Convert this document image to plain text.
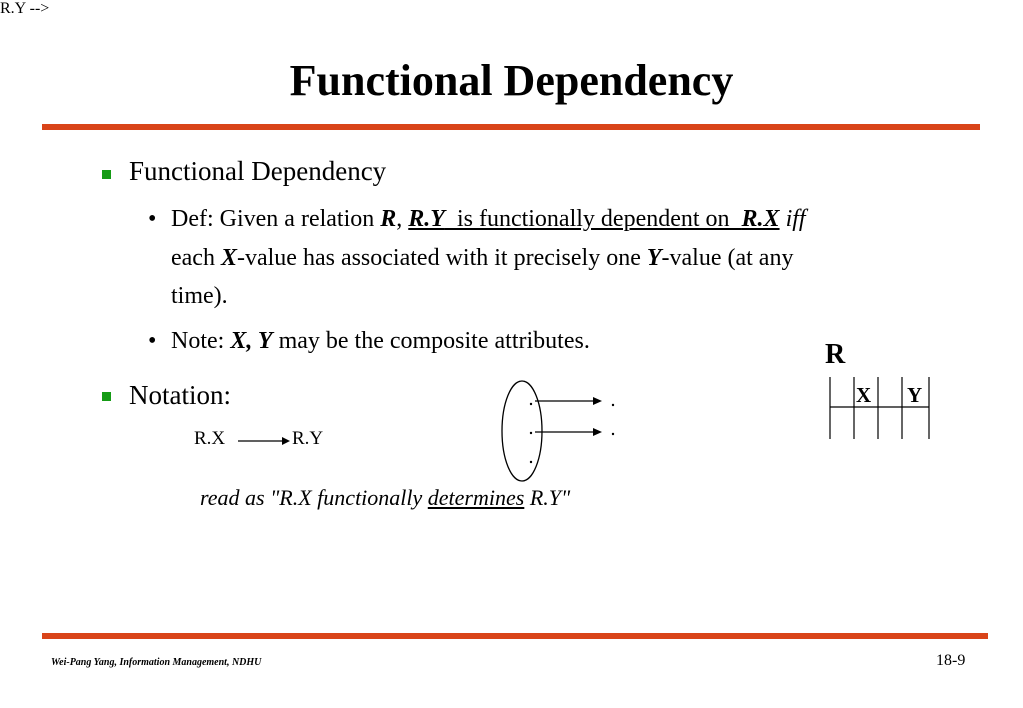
Functional Dependency
Functional Dependency
• Def: Given a relation R, R.Y  is functionally dependent on  R.X iff
each X-value has associated with it precisely one Y-value (at any
time).
• Note: X, Y may be the composite attributes.
Notation:
R.Y -->
R.X	R.Y
read as "R.X functionally determines R.Y"
R
X Y
Wei-Pang Yang, Information Management, NDHU	18-9
